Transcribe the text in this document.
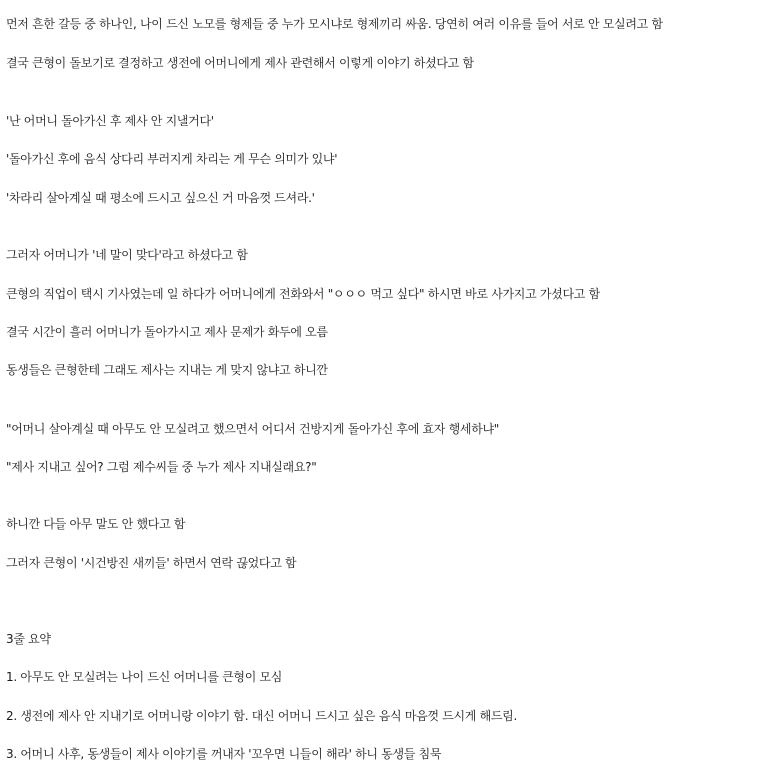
먼저 흔한 갈등 중 하나인, 나이 드신 노모를 형제들 중 누가 모시냐로 형제끼리 싸움. 당연히 여러 이유를 들어 서로 안 모실려고 함
결국 큰형이 돌보기로 결정하고 생전에 어머니에게 제사 관련해서 이렇게 이야기 하셨다고 함
'난 어머니 돌아가신 후 제사 안 지낼거다'
'돌아가신 후에 음식 상다리 부러지게 차리는 게 무슨 의미가 있냐'
'차라리 살아계실 때 평소에 드시고 싶으신 거 마음껏 드셔라.'
그러자 어머니가 '네 말이 맞다'라고 하셨다고 함
큰형의 직업이 택시 기사였는데 일 하다가 어머니에게 전화와서 "ㅇㅇㅇ 먹고 싶다" 하시면 바로 사가지고 가셨다고 함
결국 시간이 흘러 어머니가 돌아가시고 제사 문제가 화두에 오름
동생들은 큰형한테 그래도 제사는 지내는 게 맞지 않냐고 하니깐
"어머니 살아계실 때 아무도 안 모실려고 했으면서 어디서 건방지게 돌아가신 후에 효자 행세하냐"
"제사 지내고 싶어? 그럼 제수씨들 중 누가 제사 지내실래요?"
하니깐 다들 아무 말도 안 했다고 함
그러자 큰형이 '시건방진 새끼들' 하면서 연락 끊었다고 함
3줄 요약
1. 아무도 안 모실려는 나이 드신 어머니를 큰형이 모심
2. 생전에 제사 안 지내기로 어머니랑 이야기 함. 대신 어머니 드시고 싶은 음식 마음껏 드시게 해드림.
3. 어머니 사후, 동생들이 제사 이야기를 꺼내자 '꼬우면 니들이 해라' 하니 동생들 침묵
